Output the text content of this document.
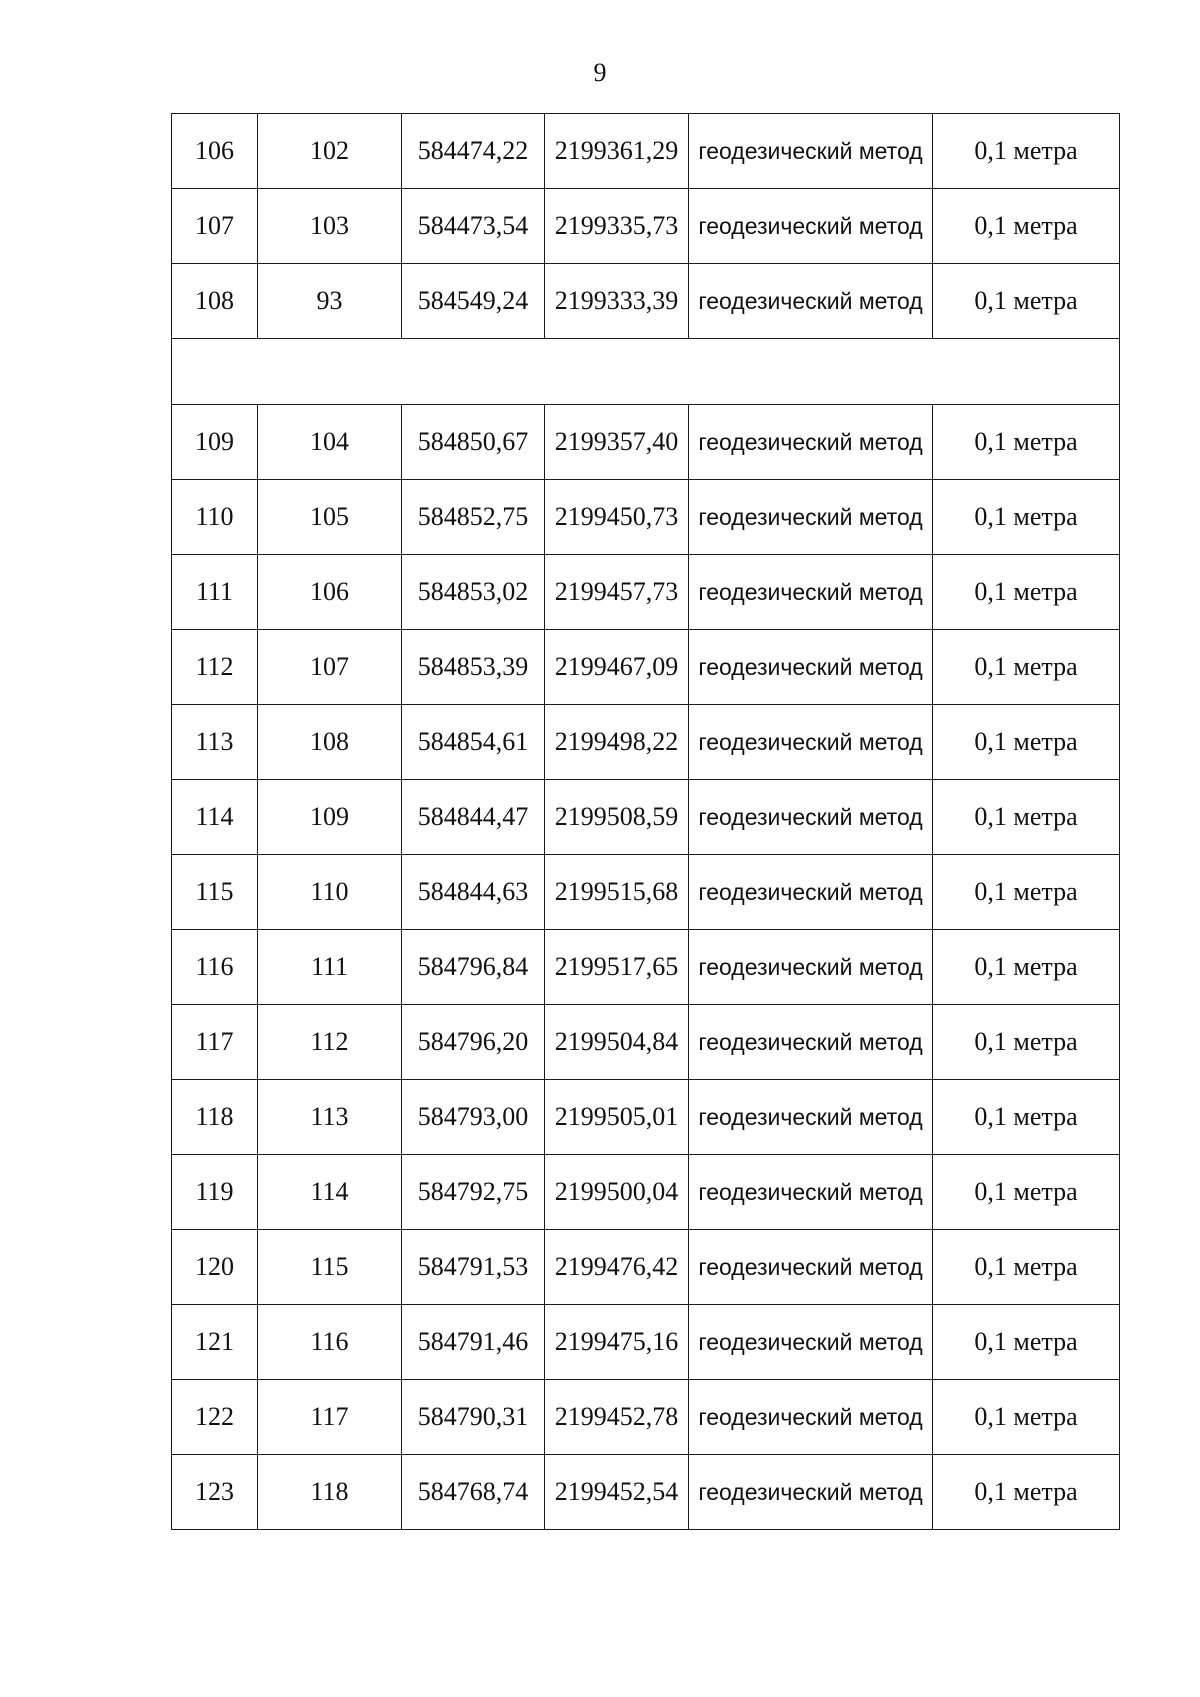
9
106	102	584474,22	2199361,29	геодезический метод	0,1 метра
107	103	584473,54	2199335,73	геодезический метод	0,1 метра
108	93	584549,24	2199333,39	геодезический метод	0,1 метра

109	104	584850,67	2199357,40	геодезический метод	0,1 метра
110	105	584852,75	2199450,73	геодезический метод	0,1 метра
111	106	584853,02	2199457,73	геодезический метод	0,1 метра
112	107	584853,39	2199467,09	геодезический метод	0,1 метра
113	108	584854,61	2199498,22	геодезический метод	0,1 метра
114	109	584844,47	2199508,59	геодезический метод	0,1 метра
115	110	584844,63	2199515,68	геодезический метод	0,1 метра
116	111	584796,84	2199517,65	геодезический метод	0,1 метра
117	112	584796,20	2199504,84	геодезический метод	0,1 метра
118	113	584793,00	2199505,01	геодезический метод	0,1 метра
119	114	584792,75	2199500,04	геодезический метод	0,1 метра
120	115	584791,53	2199476,42	геодезический метод	0,1 метра
121	116	584791,46	2199475,16	геодезический метод	0,1 метра
122	117	584790,31	2199452,78	геодезический метод	0,1 метра
123	118	584768,74	2199452,54	геодезический метод	0,1 метра
